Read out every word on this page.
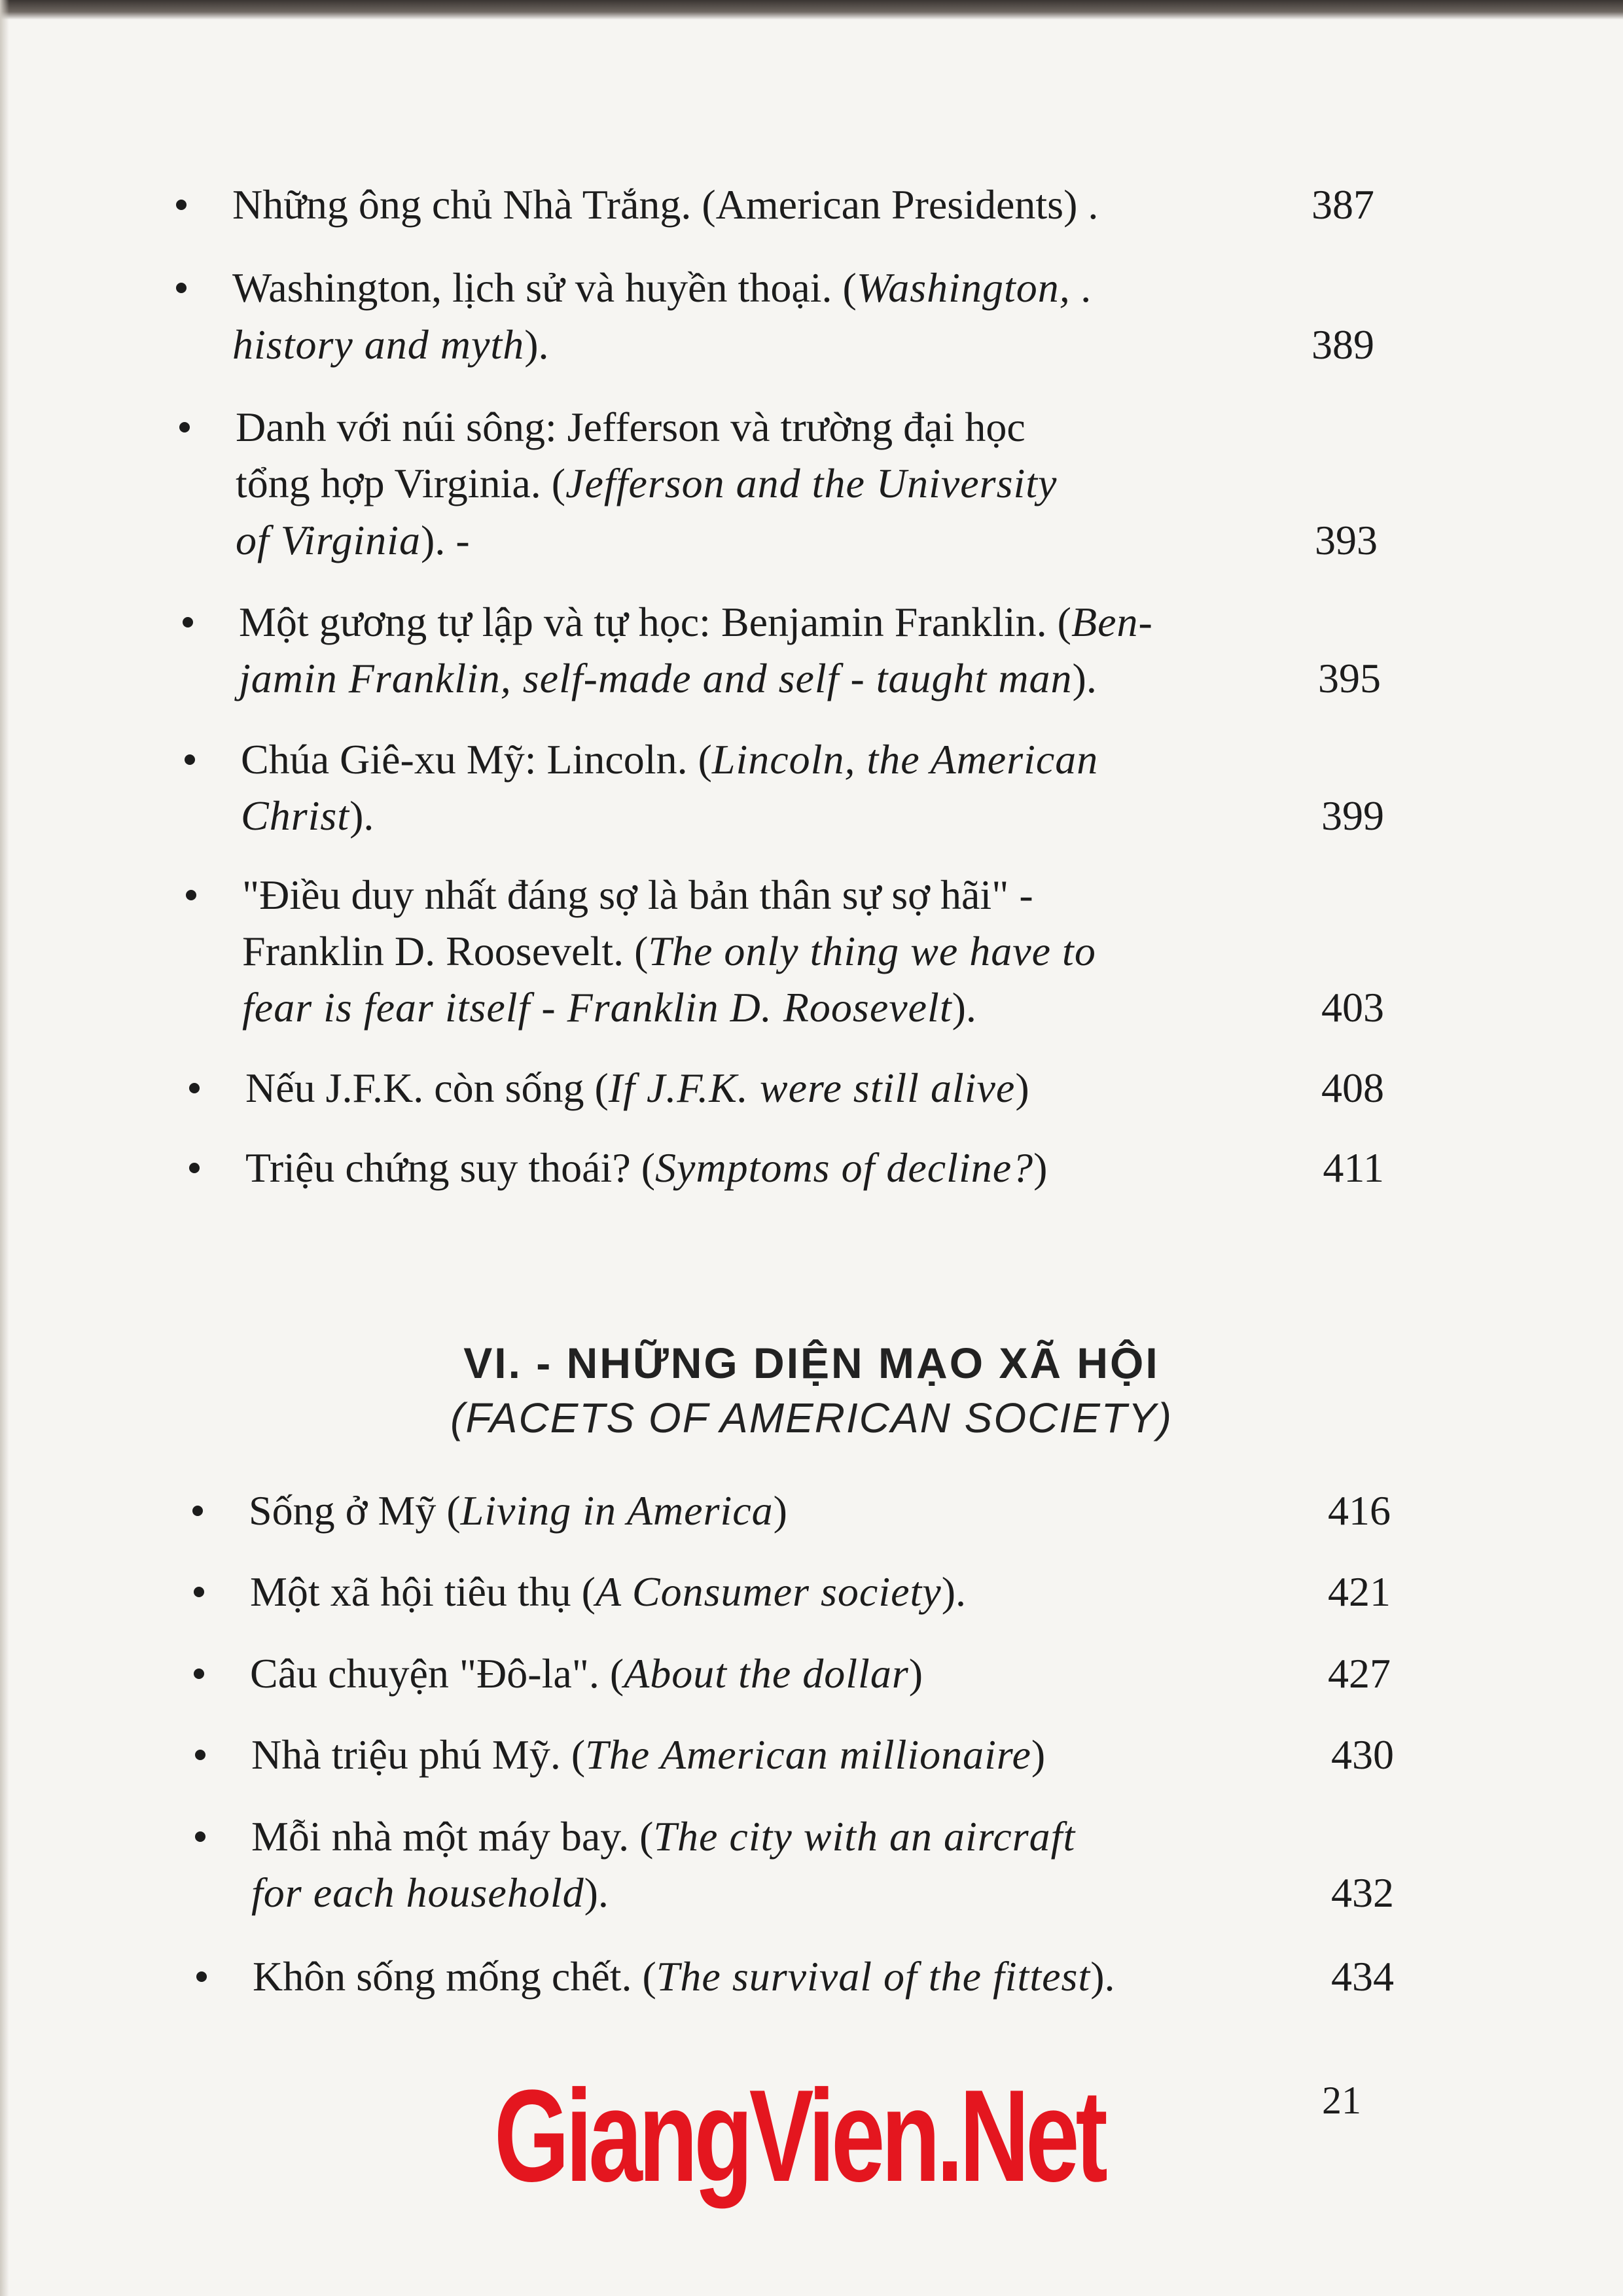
Những ông chủ Nhà Trắng. (American Presidents) .	387
Washington, lịch sử và huyền thoại. (Washington, .
history and myth).	389
Danh với núi sông: Jefferson và trường đại học
tổng hợp Virginia. (Jefferson and the University
of Virginia). -	393
Một gương tự lập và tự học: Benjamin Franklin. (Ben-
jamin Franklin, self-made and self - taught man).	395
Chúa Giê-xu Mỹ: Lincoln. (Lincoln, the American
Christ).	399
"Điều duy nhất đáng sợ là bản thân sự sợ hãi" -
Franklin D. Roosevelt. (The only thing we have to
fear is fear itself - Franklin D. Roosevelt).	403
Nếu J.F.K. còn sống (If J.F.K. were still alive)	408
Triệu chứng suy thoái? (Symptoms of decline?)	411
VI. - NHỮNG DIỆN MẠO XÃ HỘI
(FACETS OF AMERICAN SOCIETY)
Sống ở Mỹ (Living in America)	416
Một xã hội tiêu thụ (A Consumer society).	421
Câu chuyện "Đô-la". (About the dollar)	427
Nhà triệu phú Mỹ. (The American millionaire)	430
Mỗi nhà một máy bay. (The city with an aircraft
for each household).	432
Khôn sống mống chết. (The survival of the fittest).	434
GiangVien.Net	21
